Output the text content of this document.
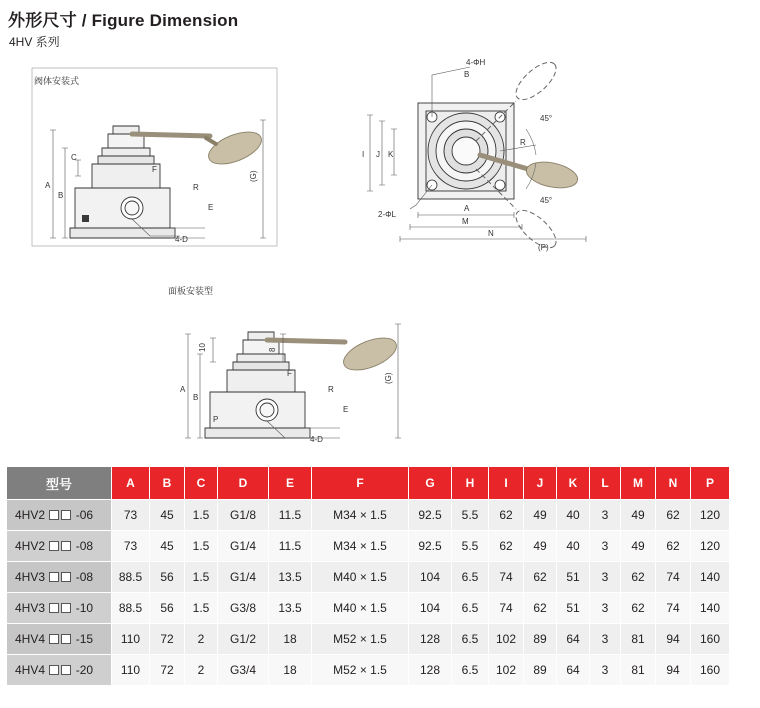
外形尺寸 / Figure Dimension
4HV 系列
阀体安装式
A
B
C
F
R
E
(G)
4-D
4-ΦH
B
I J K
A
M
N
(P)
2-ΦL
45°
45°
R
面板安装型
A
B
10	8
F
P
R
E
(G)
4-D
型号	A	B	C	D	E	F	G	H	I	J	K	L	M	N	P
4HV2  -06	73	45	1.5	G1/8	11.5	M34 × 1.5	92.5	5.5	62	49	40	3	49	62	120
4HV2  -08	73	45	1.5	G1/4	11.5	M34 × 1.5	92.5	5.5	62	49	40	3	49	62	120
4HV3  -08	88.5	56	1.5	G1/4	13.5	M40 × 1.5	104	6.5	74	62	51	3	62	74	140
4HV3  -10	88.5	56	1.5	G3/8	13.5	M40 × 1.5	104	6.5	74	62	51	3	62	74	140
4HV4  -15	110	72	2	G1/2	18	M52 × 1.5	128	6.5	102	89	64	3	81	94	160
4HV4  -20	110	72	2	G3/4	18	M52 × 1.5	128	6.5	102	89	64	3	81	94	160
